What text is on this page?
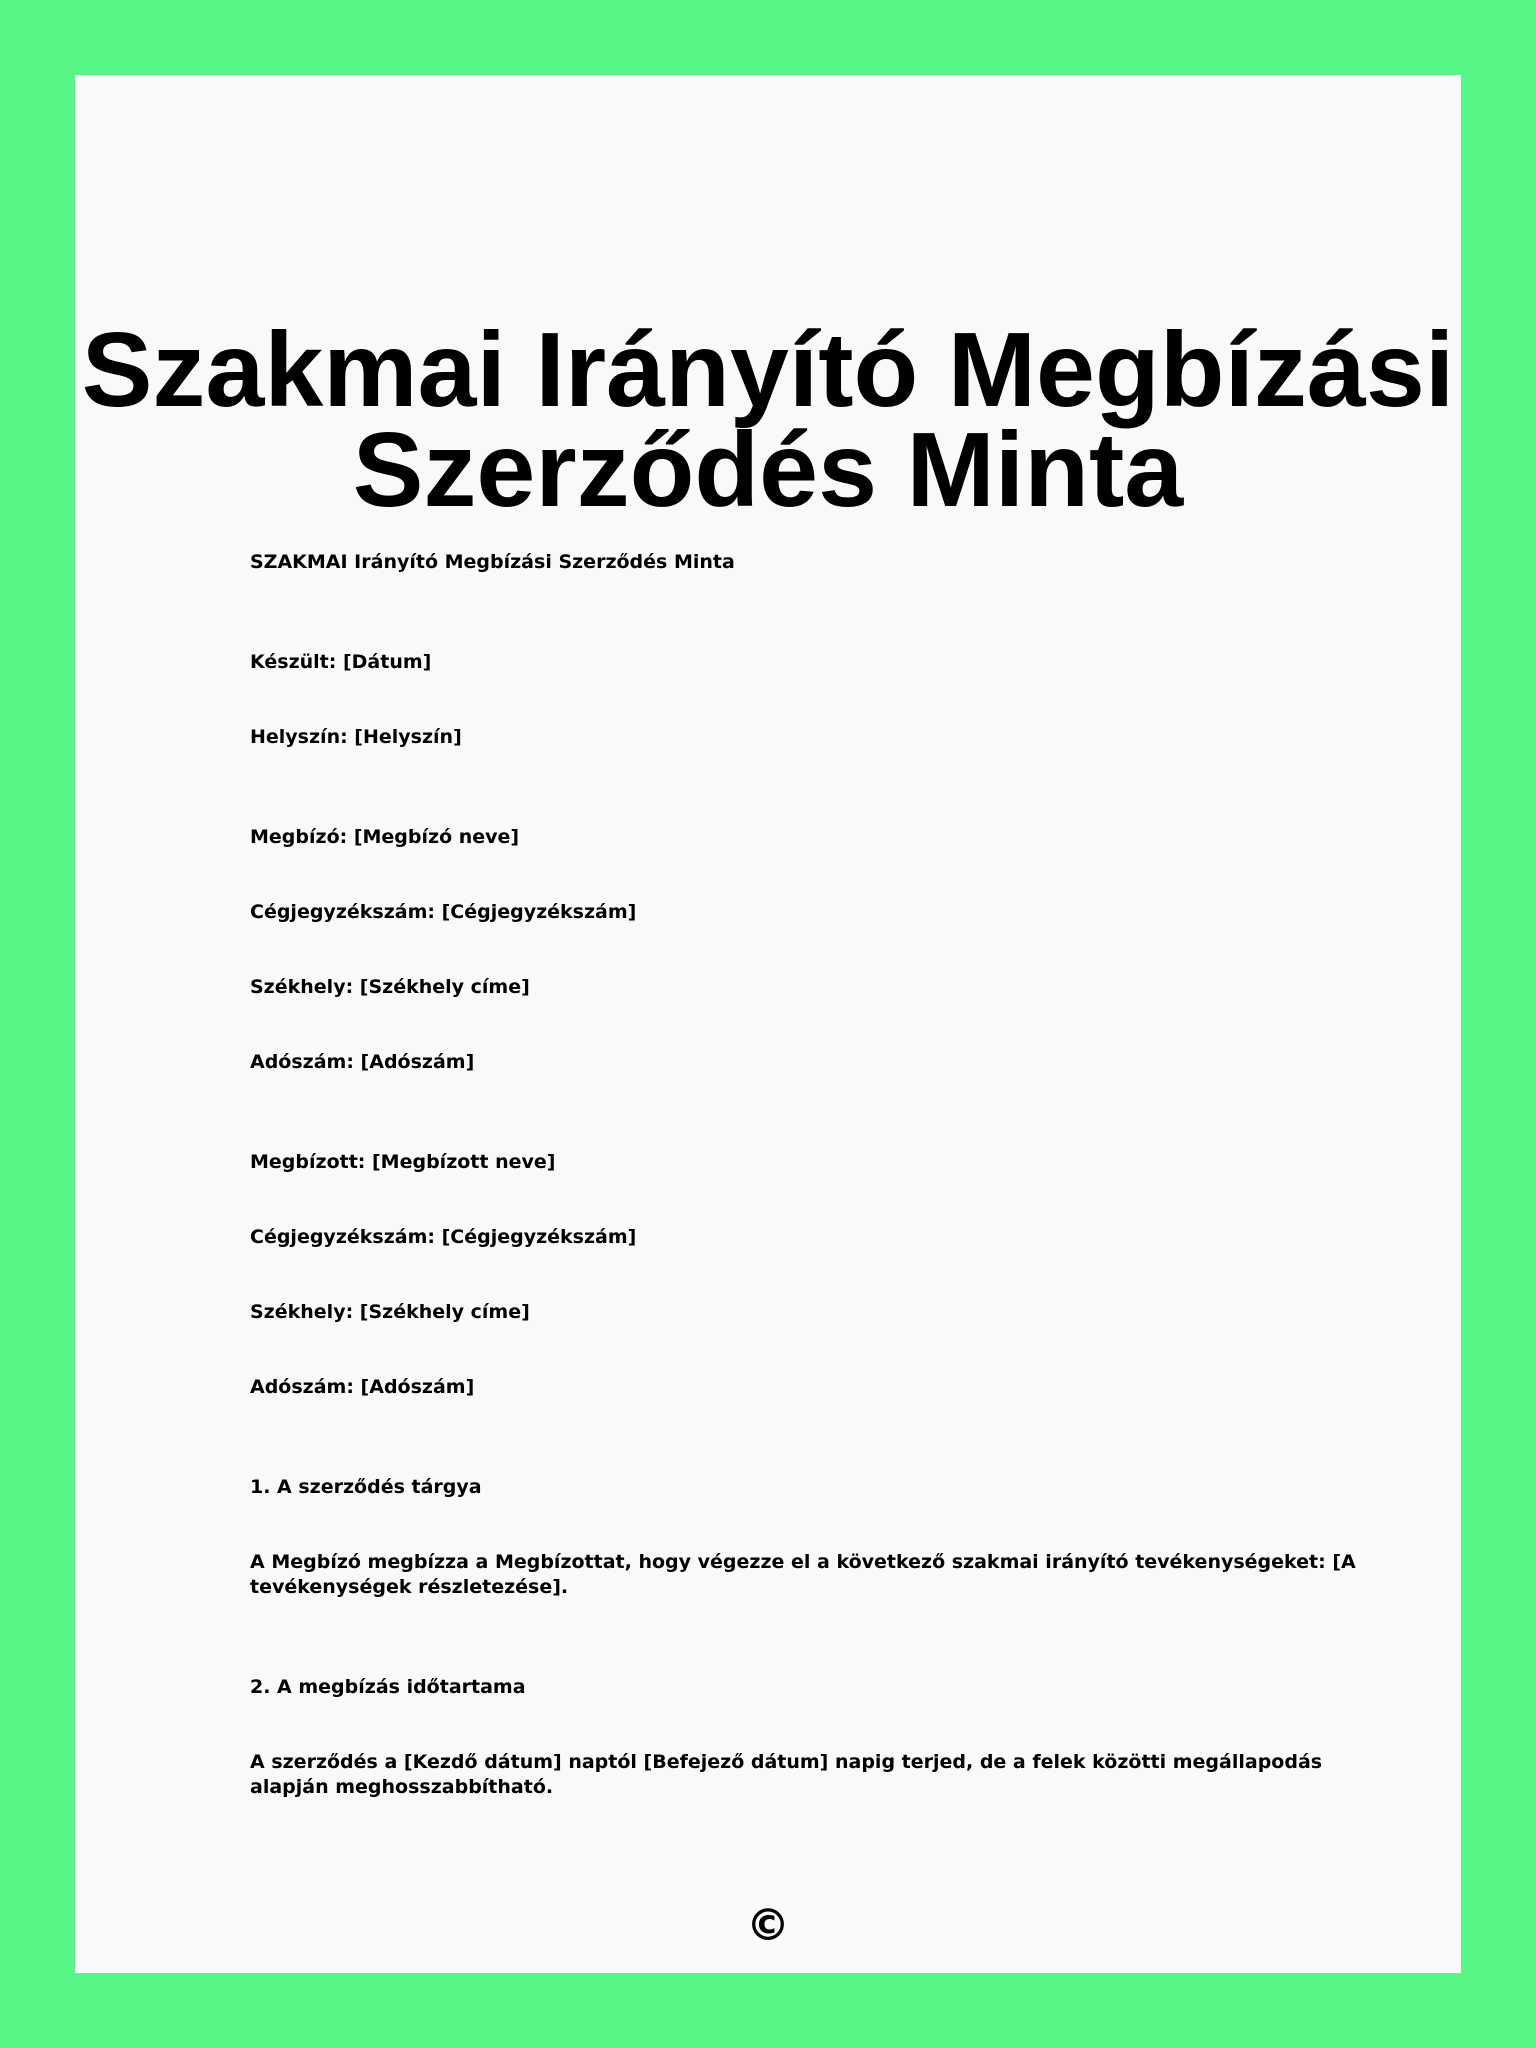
Szakmai Irányító Megbízási
Szerződés Minta

SZAKMAI Irányító Megbízási Szerződés Minta

Készült: [Dátum]

Helyszín: [Helyszín]

Megbízó: [Megbízó neve]

Cégjegyzékszám: [Cégjegyzékszám]

Székhely: [Székhely címe]

Adószám: [Adószám]

Megbízott: [Megbízott neve]

Cégjegyzékszám: [Cégjegyzékszám]

Székhely: [Székhely címe]

Adószám: [Adószám]

1. A szerződés tárgya

A Megbízó megbízza a Megbízottat, hogy végezze el a következő szakmai irányító tevékenységeket: [A tevékenységek részletezése].

2. A megbízás időtartama

A szerződés a [Kezdő dátum] naptól [Befejező dátum] napig terjed, de a felek közötti megállapodás alapján meghosszabbítható.

©
